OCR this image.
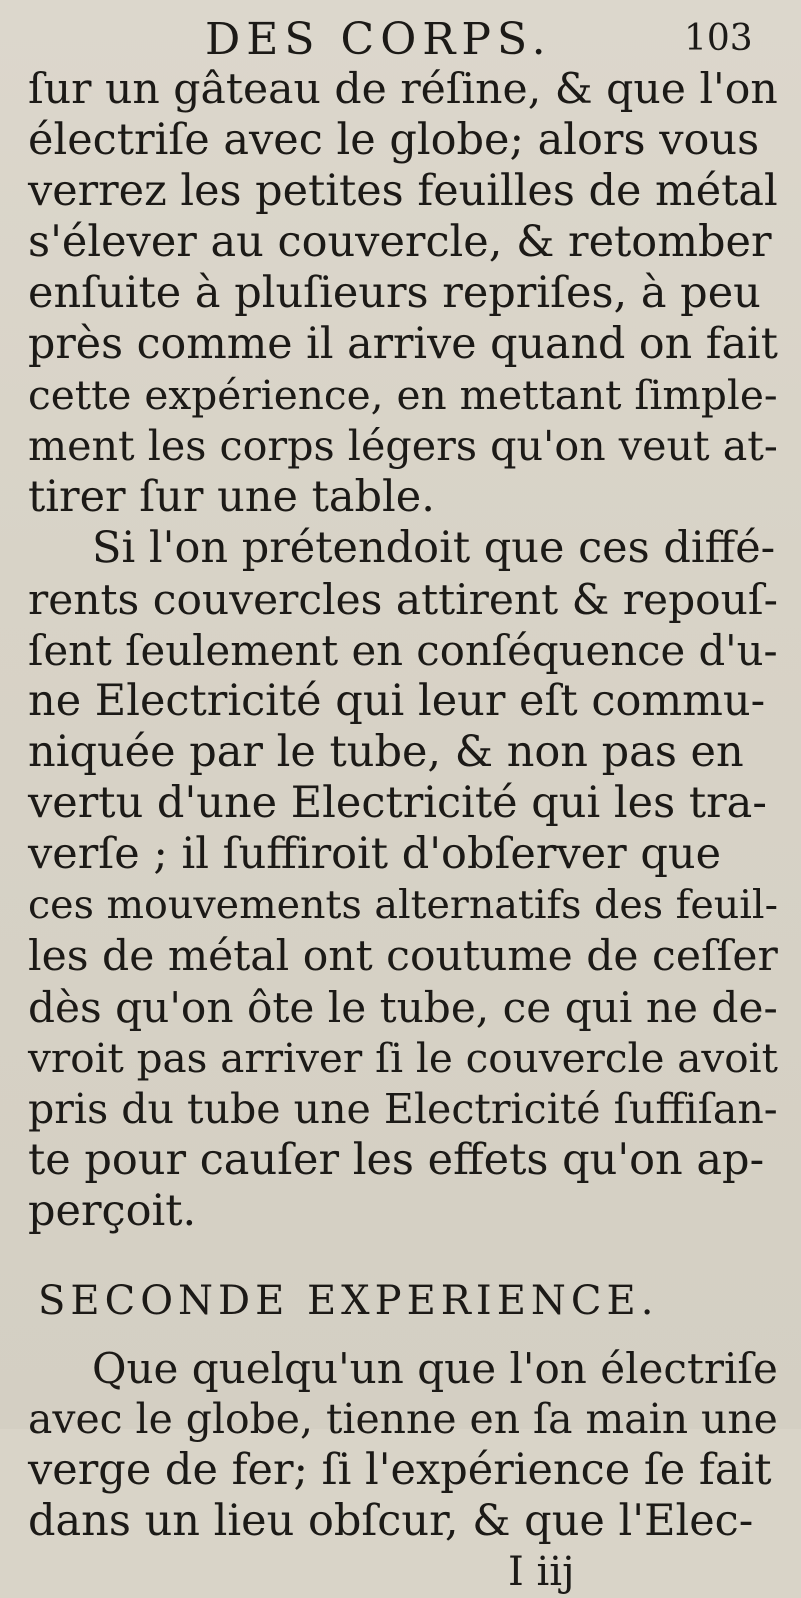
DES CORPS.	103
ſur un gâteau de réſine, & que l'on
électriſe avec le globe; alors vous
verrez les petites feuilles de métal
s'élever au couvercle, & retomber
enſuite à pluſieurs repriſes, à peu
près comme il arrive quand on fait
cette expérience, en mettant ſimple-
ment les corps légers qu'on veut at-
tirer ſur une table.
Si l'on prétendoit que ces diffé-
rents couvercles attirent & repouſ-
ſent ſeulement en conſéquence d'u-
ne Electricité qui leur eſt commu-
niquée par le tube, & non pas en
vertu d'une Electricité qui les tra-
verſe ; il ſuffiroit d'obſerver que
ces mouvements alternatifs des feuil-
les de métal ont coutume de ceſſer
dès qu'on ôte le tube, ce qui ne de-
vroit pas arriver ſi le couvercle avoit
pris du tube une Electricité ſuffiſan-
te pour cauſer les effets qu'on ap-
perçoit.
SECONDE EXPERIENCE.
Que quelqu'un que l'on électriſe
avec le globe, tienne en ſa main une
verge de fer; ſi l'expérience ſe fait
dans un lieu obſcur, & que l'Elec-
I iij
